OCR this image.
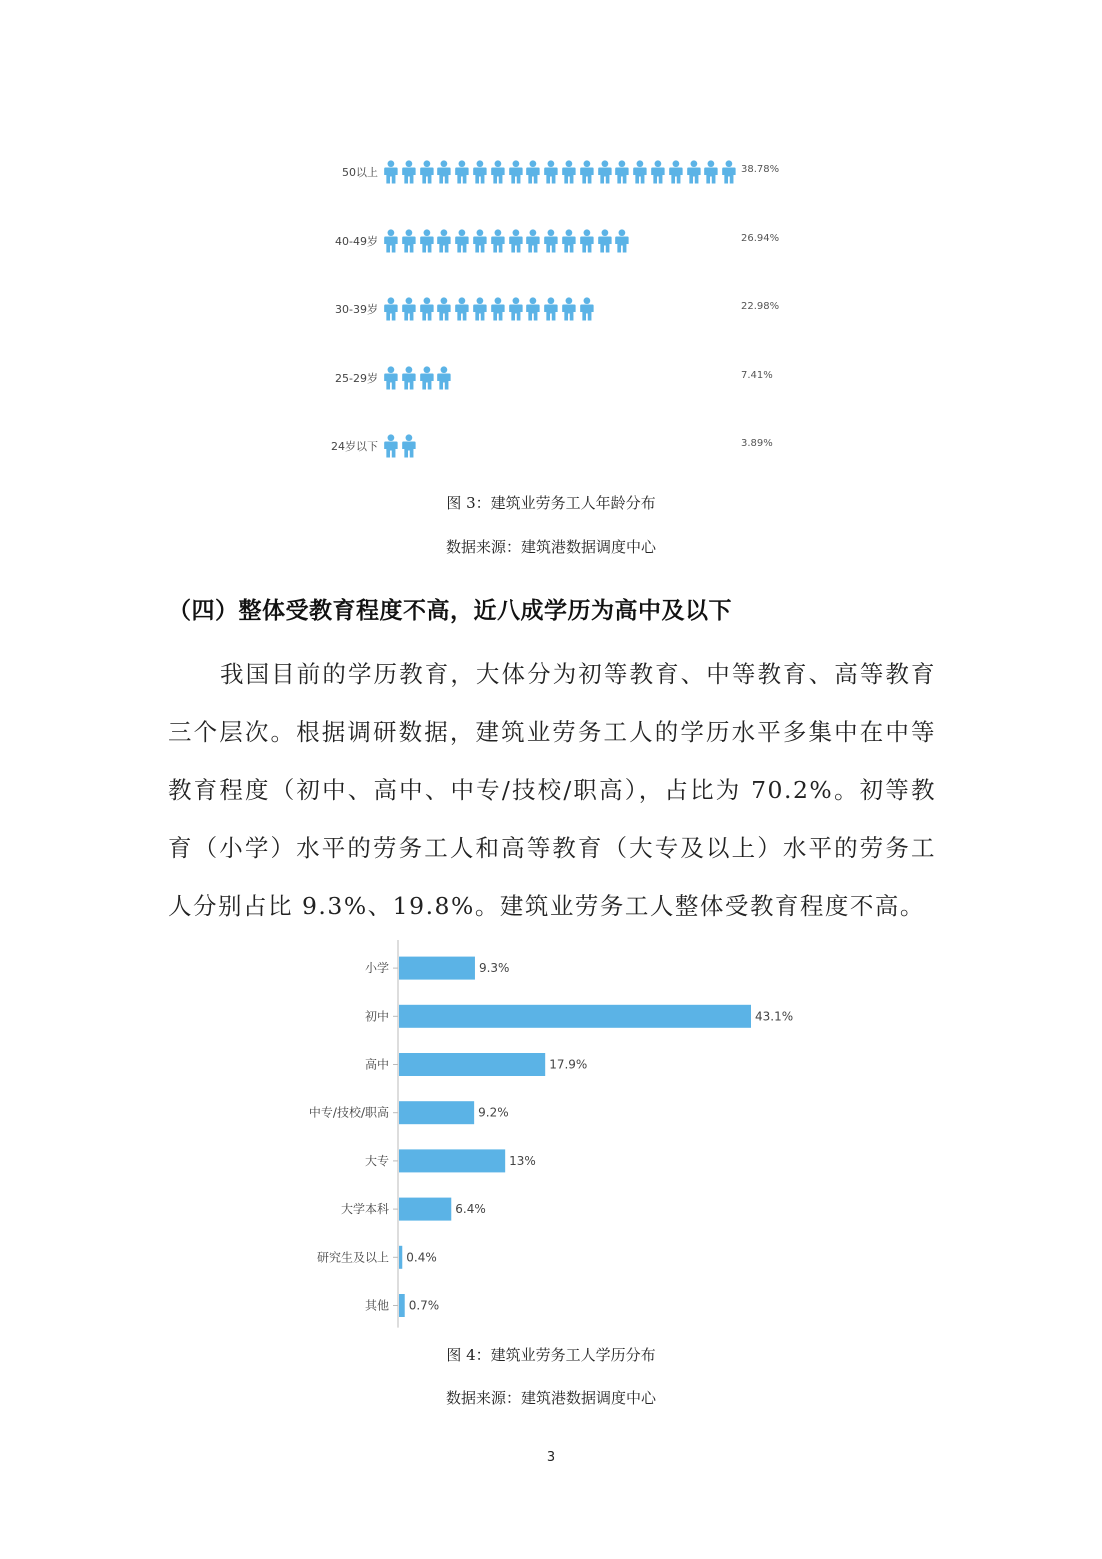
50以上	38.78%
40-49岁	26.94%
30-39岁	22.98%
25-29岁	7.41%
24岁以下	3.89%
图 3：建筑业劳务工人年龄分布
数据来源：建筑港数据调度中心
（四）整体受教育程度不高，近八成学历为高中及以下
我国目前的学历教育，大体分为初等教育、中等教育、高等教育三个层次。根据调研数据，建筑业劳务工人的学历水平多集中在中等教育程度（初中、高中、中专/技校/职高），占比为 70.2%。初等教育（小学）水平的劳务工人和高等教育（大专及以上）水平的劳务工人分别占比 9.3%、19.8%。建筑业劳务工人整体受教育程度不高。
小学	9.3%
初中	43.1%
高中	17.9%
中专/技校/职高	9.2%
大专	13%
大学本科	6.4%
研究生及以上 0.4%
其他 0.7%
图 4：建筑业劳务工人学历分布
数据来源：建筑港数据调度中心
3
